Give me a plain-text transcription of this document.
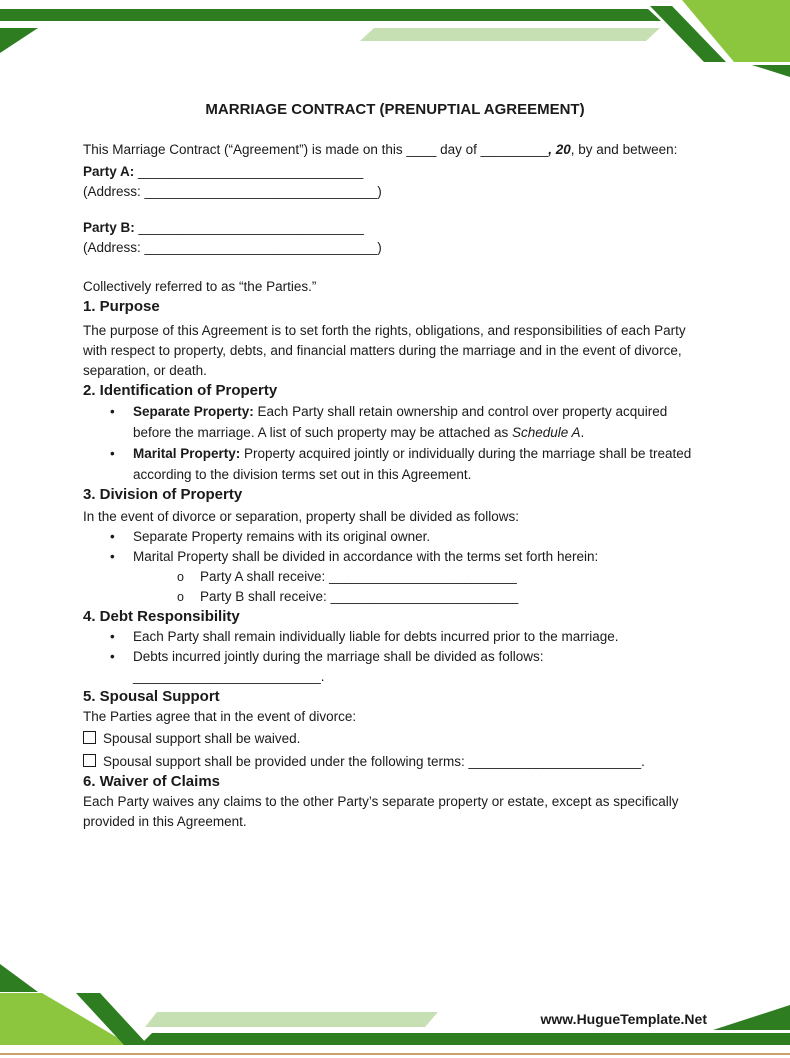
MARRIAGE CONTRACT (PRENUPTIAL AGREEMENT)

This Marriage Contract (“Agreement”) is made on this ____ day of _________, 20, by and between:

Party A: ______________________________

(Address: _______________________________)

Party B: ______________________________

(Address: _______________________________)

Collectively referred to as “the Parties.”

1. Purpose

The purpose of this Agreement is to set forth the rights, obligations, and responsibilities of each Party with respect to property, debts, and financial matters during the marriage and in the event of divorce, separation, or death.

2. Identification of Property
• Separate Property: Each Party shall retain ownership and control over property acquired before the marriage. A list of such property may be attached as Schedule A.
• Marital Property: Property acquired jointly or individually during the marriage shall be treated according to the division terms set out in this Agreement.
3. Division of Property

In the event of divorce or separation, property shall be divided as follows:

• Separate Property remains with its original owner.
• Marital Property shall be divided in accordance with the terms set forth herein:
o Party A shall receive: _________________________
o Party B shall receive: _________________________
4. Debt Responsibility
• Each Party shall remain individually liable for debts incurred prior to the marriage.
• Debts incurred jointly during the marriage shall be divided as follows:

_________________________.

5. Spousal Support

The Parties agree that in the event of divorce:

Spousal support shall be waived.

Spousal support shall be provided under the following terms: _______________________.

6. Waiver of Claims

Each Party waives any claims to the other Party’s separate property or estate, except as specifically provided in this Agreement.

www.HugueTemplate.Net
